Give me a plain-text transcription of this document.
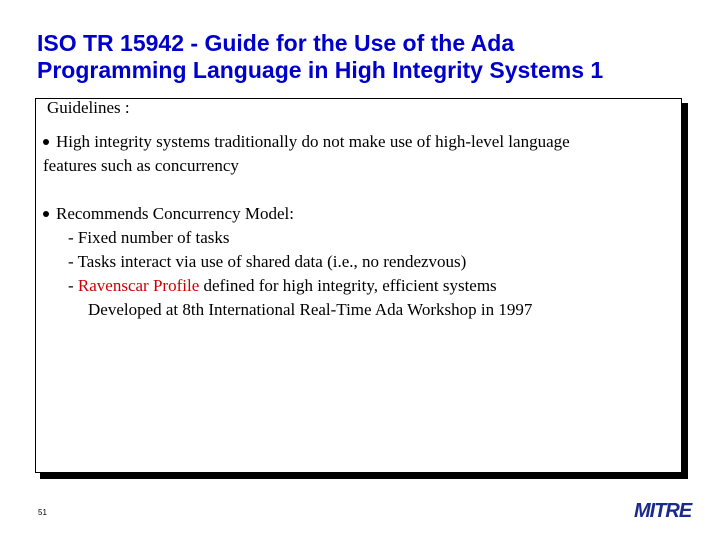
ISO TR 15942 - Guide for the Use of the Ada
Programming Language in High Integrity Systems 1
Guidelines :
High integrity systems traditionally do not make use of high-level language
features such as concurrency
Recommends Concurrency Model:
- Fixed number of tasks
- Tasks interact via use of shared data (i.e., no rendezvous)
- Ravenscar Profile defined for high integrity, efficient systems
Developed at 8th International Real-Time Ada Workshop in 1997
51	MITRE
